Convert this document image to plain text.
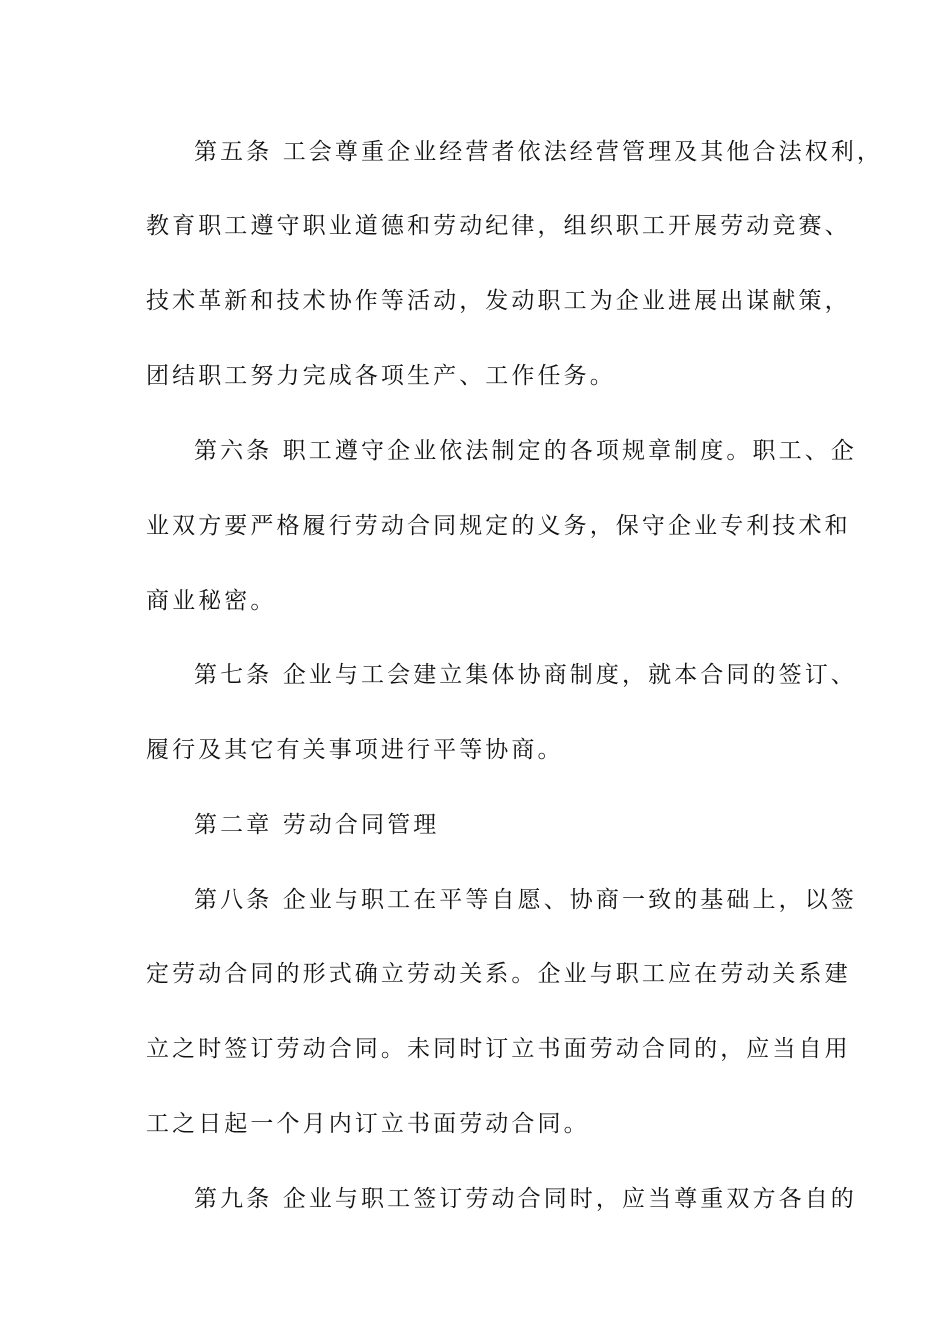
第五条 工会尊重企业经营者依法经营管理及其他合法权利，
教育职工遵守职业道德和劳动纪律，组织职工开展劳动竞赛、
技术革新和技术协作等活动，发动职工为企业进展出谋献策，
团结职工努力完成各项生产、工作任务。
第六条 职工遵守企业依法制定的各项规章制度。职工、企
业双方要严格履行劳动合同规定的义务，保守企业专利技术和
商业秘密。
第七条 企业与工会建立集体协商制度，就本合同的签订、
履行及其它有关事项进行平等协商。
第二章 劳动合同管理
第八条 企业与职工在平等自愿、协商一致的基础上，以签
定劳动合同的形式确立劳动关系。企业与职工应在劳动关系建
立之时签订劳动合同。未同时订立书面劳动合同的，应当自用
工之日起一个月内订立书面劳动合同。
第九条 企业与职工签订劳动合同时，应当尊重双方各自的
